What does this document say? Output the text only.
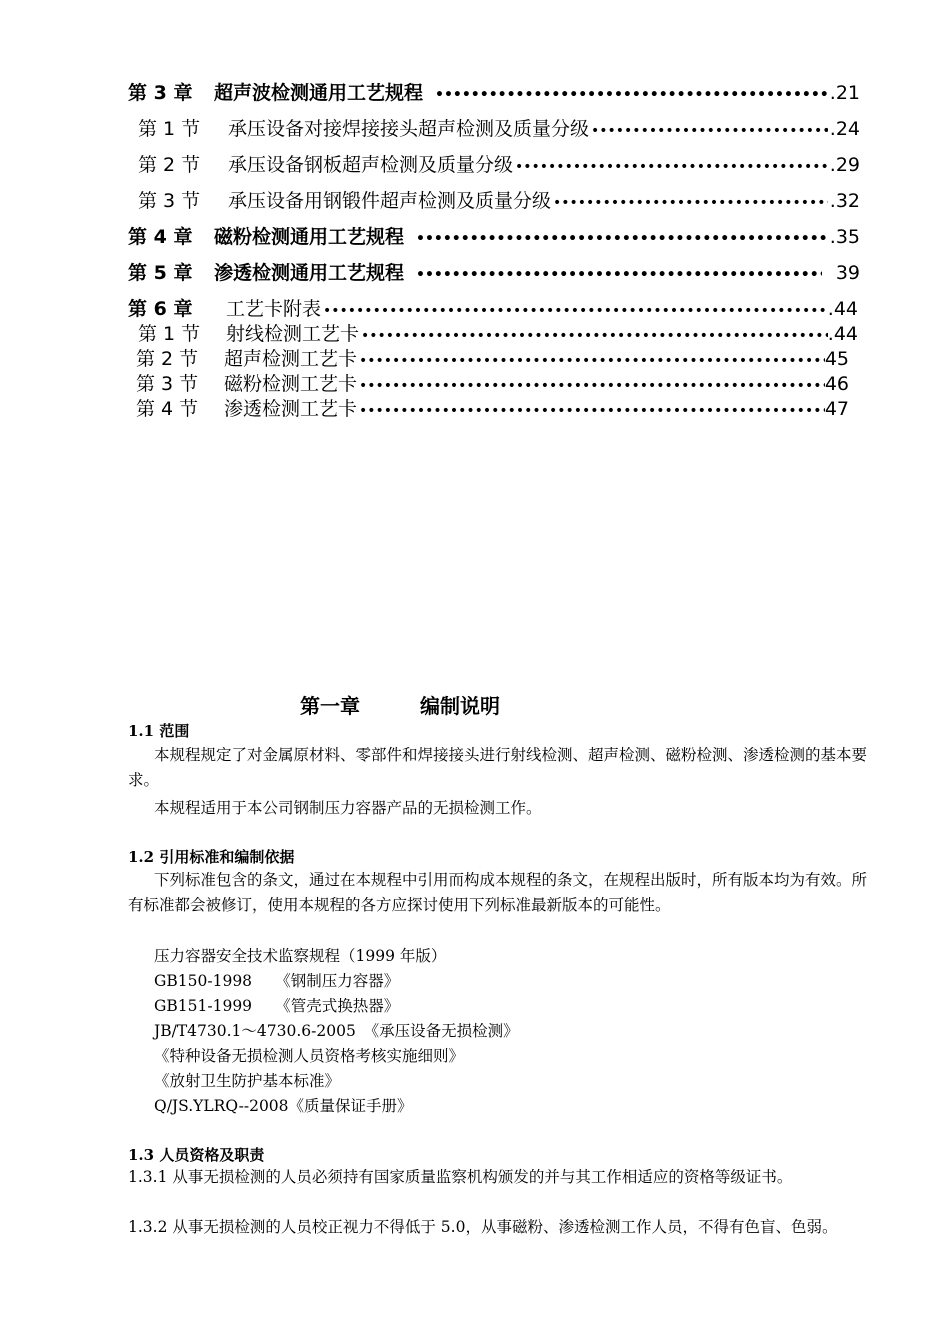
第 3 章	超声波检测通用工艺规程 •••••	.21
第 1 节	承压设备对接焊接接头超声检测及质量分级 •••••	.24
第 2 节	承压设备钢板超声检测及质量分级 •••••	.29
第 3 节	承压设备用钢锻件超声检测及质量分级 •••••	.32
第 4 章	磁粉检测通用工艺规程 •••••	.35
第 5 章	渗透检测通用工艺规程 •••••	39
第 6 章	工艺卡附表 •••••	.44
第 1 节	射线检测工艺卡 •••••	.44
第 2 节	超声检测工艺卡 •••••	45
第 3 节	磁粉检测工艺卡 •••••	46
第 4 节	渗透检测工艺卡 •••••	47
第一章	编制说明
1.1 范围
本规程规定了对金属原材料、零部件和焊接接头进行射线检测、超声检测、磁粉检测、渗透检测的基本要求。
本规程适用于本公司钢制压力容器产品的无损检测工作。
1.2 引用标准和编制依据
下列标准包含的条文，通过在本规程中引用而构成本规程的条文，在规程出版时，所有版本均为有效。所有标准都会被修订，使用本规程的各方应探讨使用下列标准最新版本的可能性。
压力容器安全技术监察规程（1999 年版）
GB150-1998　　《钢制压力容器》
GB151-1999　　《管壳式换热器》
JB/T4730.1～4730.6-2005　《承压设备无损检测》
《特种设备无损检测人员资格考核实施细则》
《放射卫生防护基本标准》
Q/JS.YLRQ--2008《质量保证手册》
1.3 人员资格及职责
1.3.1 从事无损检测的人员必须持有国家质量监察机构颁发的并与其工作相适应的资格等级证书。
1.3.2 从事无损检测的人员校正视力不得低于 5.0，从事磁粉、渗透检测工作人员，不得有色盲、色弱。
